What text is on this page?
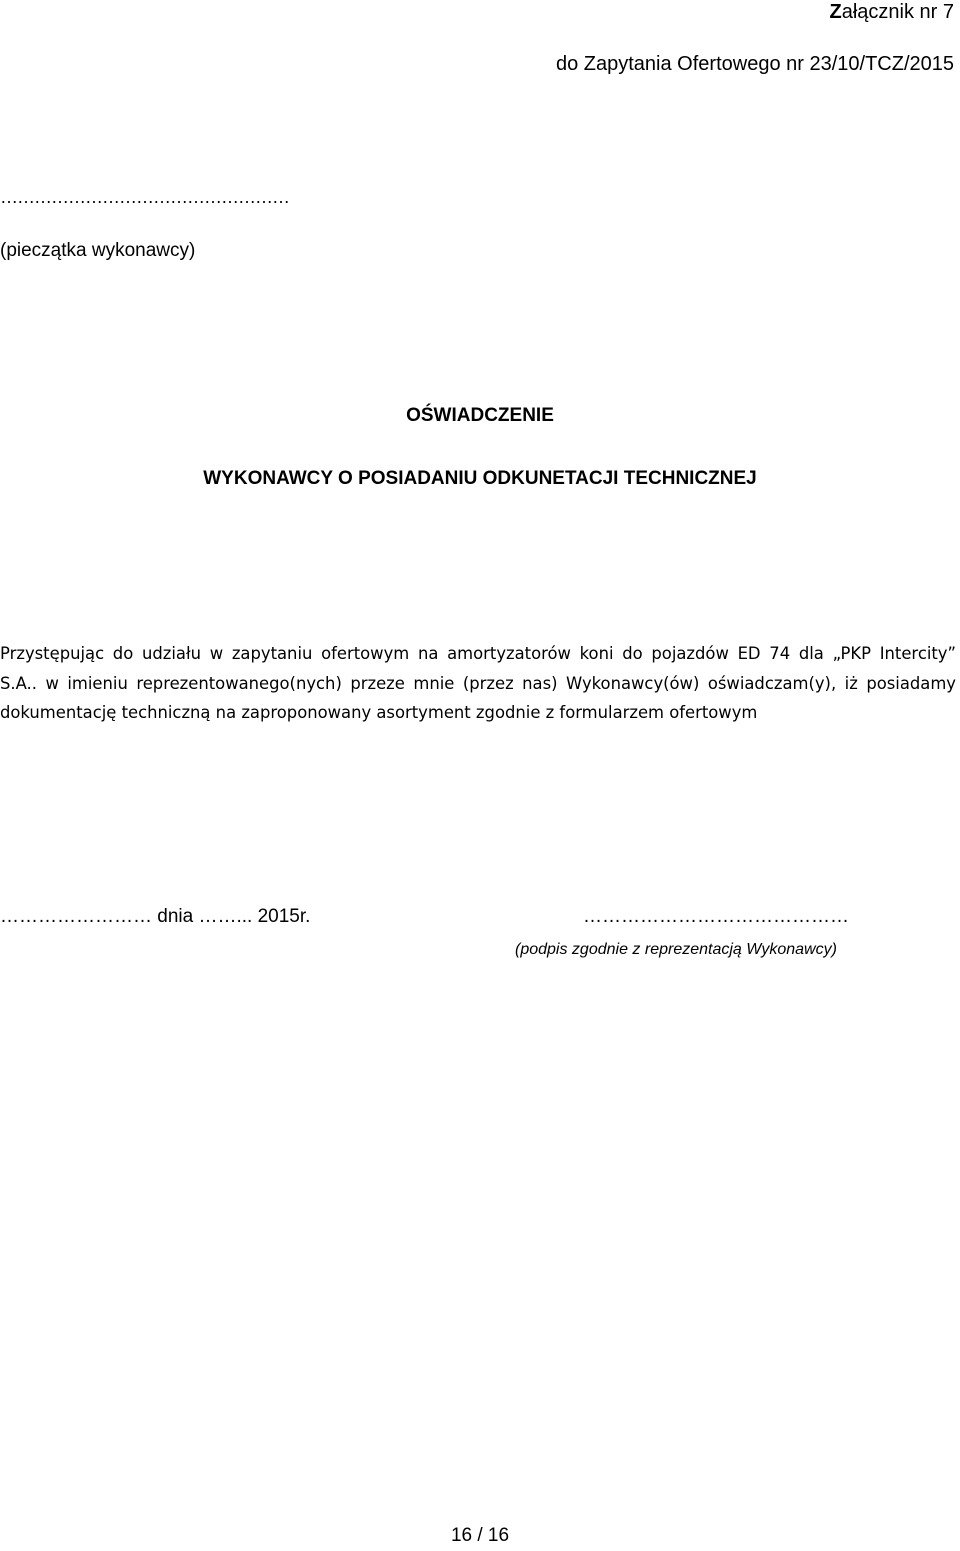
Załącznik nr 7
do Zapytania Ofertowego nr 23/10/TCZ/2015
……………………………………………
(pieczątka wykonawcy)
OŚWIADCZENIE
WYKONAWCY O POSIADANIU ODKUNETACJI TECHNICZNEJ
Przystępując do udziału w zapytaniu ofertowym na amortyzatorów koni do pojazdów ED 74 dla „PKP Intercity”
S.A.. w imieniu reprezentowanego(nych) przeze mnie (przez nas) Wykonawcy(ów) oświadczam(y), iż posiadamy
dokumentację techniczną na zaproponowany asortyment zgodnie z formularzem ofertowym
…………………… dnia ……... 2015r.	……………………………………
(podpis zgodnie z reprezentacją Wykonawcy)
16 / 16
